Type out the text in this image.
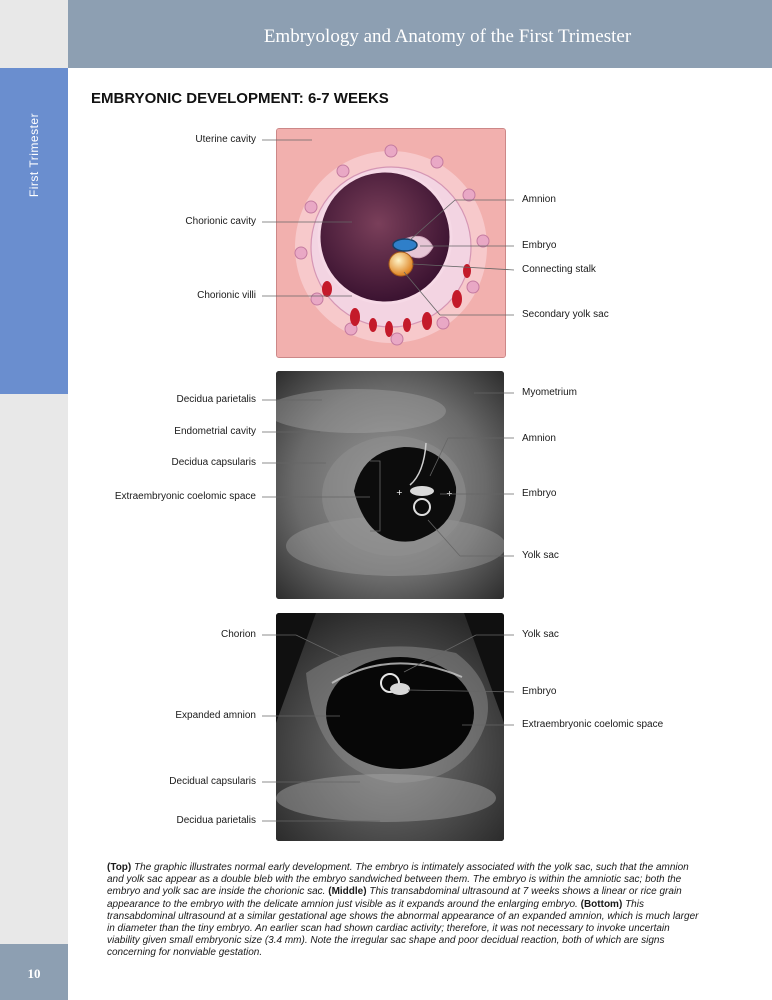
First Trimester
Embryology and Anatomy of the First Trimester
10
EMBRYONIC DEVELOPMENT: 6-7 WEEKS
+	+
Uterine cavity
Chorionic cavity
Chorionic villi
Amnion
Embryo
Connecting stalk
Secondary yolk sac
Decidua parietalis
Endometrial cavity
Decidua capsularis
Extraembryonic coelomic space
Myometrium
Amnion
Embryo
Yolk sac
Chorion
Expanded amnion
Decidual capsularis
Decidua parietalis
Yolk sac
Embryo
Extraembryonic coelomic space
(Top) The graphic illustrates normal early development. The embryo is intimately associated with the yolk sac, such that the amnion and yolk sac appear as a double bleb with the embryo sandwiched between them. The embryo is within the amniotic sac; both the embryo and yolk sac are inside the chorionic sac. (Middle) This transabdominal ultrasound at 7 weeks shows a linear or rice grain appearance to the embryo with the delicate amnion just visible as it expands around the enlarging embryo. (Bottom) This transabdominal ultrasound at a similar gestational age shows the abnormal appearance of an expanded amnion, which is much larger in diameter than the tiny embryo. An earlier scan had shown cardiac activity; therefore, it was not necessary to invoke uncertain viability given small embryonic size (3.4 mm). Note the irregular sac shape and poor decidual reaction, both of which are signs concerning for nonviable gestation.
